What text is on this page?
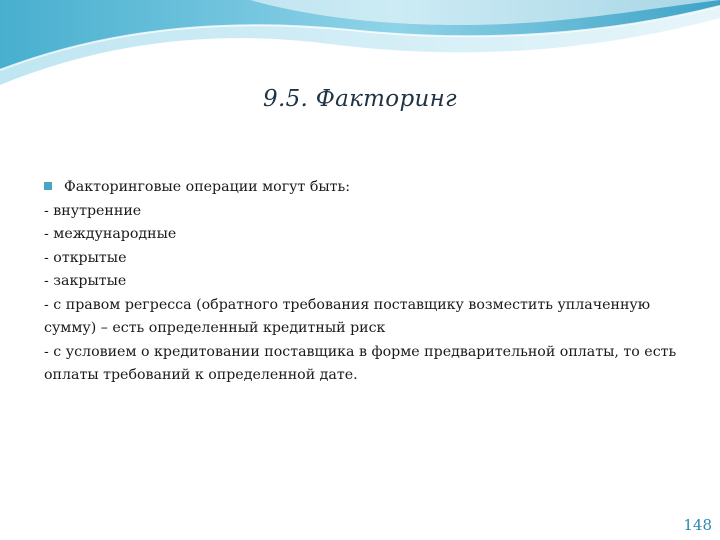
9.5. Факторинг
Факторинговые операции могут быть:
- внутренние
- международные
- открытые
- закрытые
- с правом регресса (обратного требования поставщику возместить уплаченную сумму) – есть определенный кредитный риск
- с условием о кредитовании поставщика в форме предварительной оплаты, то есть оплаты требований к определенной дате.
148
